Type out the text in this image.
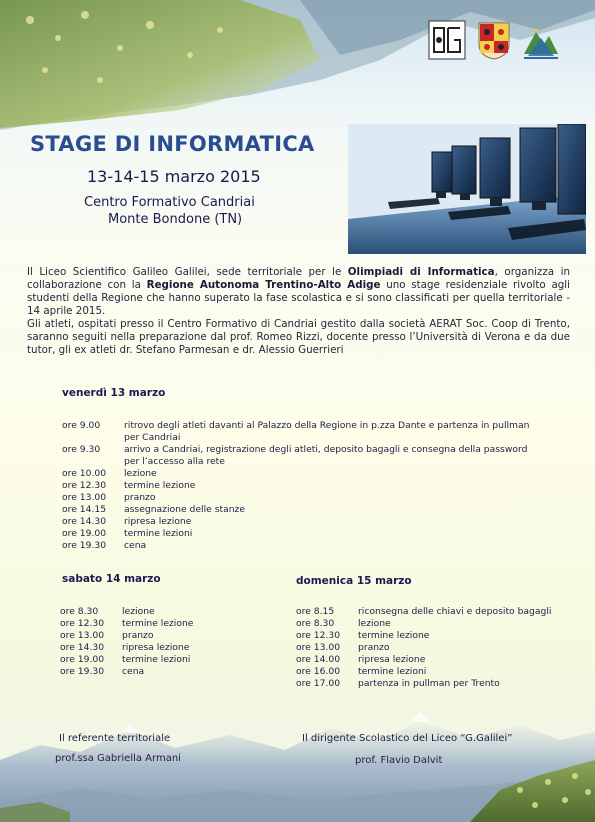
STAGE DI INFORMATICA
13-14-15 marzo 2015
Centro Formativo Candriai
Monte Bondone (TN)

Il Liceo Scientifico Galileo Galilei, sede territoriale per le Olimpiadi di Informatica, organizza in collaborazione con la Regione Autonoma Trentino-Alto Adige uno stage residenziale rivolto agli studenti della Regione che hanno superato la fase scolastica e si sono classificati per quella territoriale - 14 aprile 2015.

Gli atleti, ospitati presso il Centro Formativo di Candriai gestito dalla società AERAT Soc. Coop di Trento, saranno seguiti nella preparazione dal prof. Romeo Rizzi, docente presso l’Università di Verona e da due tutor, gli ex atleti dr. Stefano Parmesan e dr. Alessio Guerrieri

venerdì 13 marzo
ore 9.00	ritrovo degli atleti davanti al Palazzo della Regione in p.zza Dante e partenza in pullman per Candriai
ore 9.30	arrivo a Candriai, registrazione degli atleti, deposito bagagli e consegna della password per l’accesso alla rete
ore 10.00	lezione
ore 12.30	termine lezione
ore 13.00	pranzo
ore 14.15	assegnazione delle stanze
ore 14.30	ripresa lezione
ore 19.00	termine lezioni
ore 19.30	cena
sabato 14 marzo
ore 8.30	lezione
ore 12.30	termine lezione
ore 13.00	pranzo
ore 14.30	ripresa lezione
ore 19.00	termine lezioni
ore 19.30	cena
domenica 15 marzo
ore 8.15	riconsegna delle chiavi e deposito bagagli
ore 8.30	lezione
ore 12.30	termine lezione
ore 13.00	pranzo
ore 14.00	ripresa lezione
ore 16.00	termine lezioni
ore 17.00	partenza in pullman per Trento
Il referente territoriale
prof.ssa Gabriella Armani
Il dirigente Scolastico del Liceo “G.Galilei”
prof. Flavio Dalvit
